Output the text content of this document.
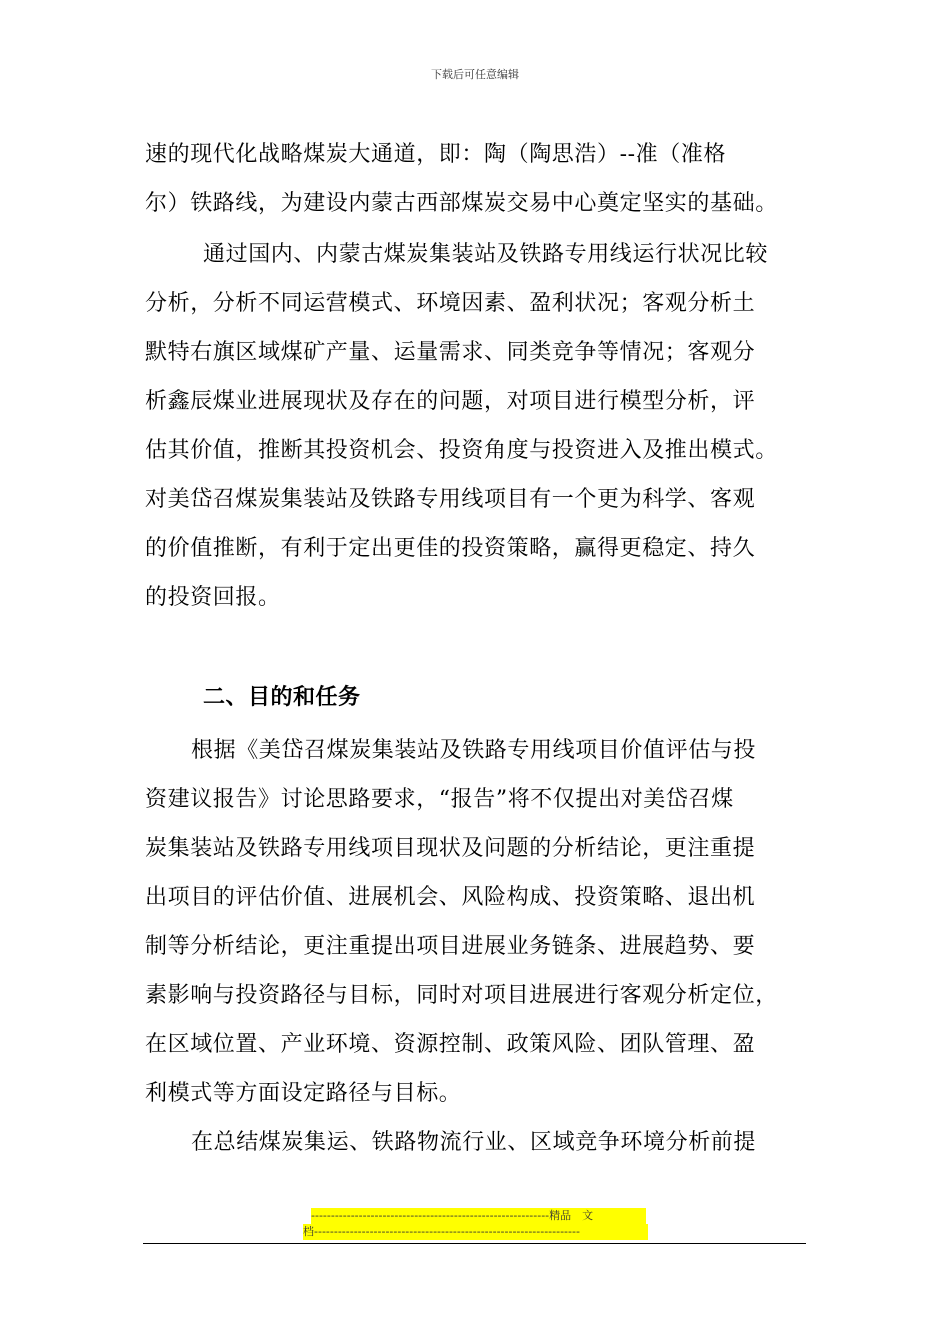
下载后可任意编辑
速的现代化战略煤炭大通道，即：陶（陶思浩）--准（准格
尔）铁路线，为建设内蒙古西部煤炭交易中心奠定坚实的基础。
通过国内、内蒙古煤炭集装站及铁路专用线运行状况比较
分析，分析不同运营模式、环境因素、盈利状况；客观分析土
默特右旗区域煤矿产量、运量需求、同类竞争等情况；客观分
析鑫辰煤业进展现状及存在的问题，对项目进行模型分析，评
估其价值，推断其投资机会、投资角度与投资进入及推出模式。
对美岱召煤炭集装站及铁路专用线项目有一个更为科学、客观
的价值推断，有利于定出更佳的投资策略，赢得更稳定、持久
的投资回报。
二、目的和任务
根据《美岱召煤炭集装站及铁路专用线项目价值评估与投
资建议报告》讨论思路要求，“报告”将不仅提出对美岱召煤
炭集装站及铁路专用线项目现状及问题的分析结论，更注重提
出项目的评估价值、进展机会、风险构成、投资策略、退出机
制等分析结论，更注重提出项目进展业务链条、进展趋势、要
素影响与投资路径与目标，同时对项目进展进行客观分析定位，
在区域位置、产业环境、资源控制、政策风险、团队管理、盈
利模式等方面设定路径与目标。
在总结煤炭集运、铁路物流行业、区域竞争环境分析前提
------------------------------------------------------------精品　文
档-------------------------------------------------------------------
